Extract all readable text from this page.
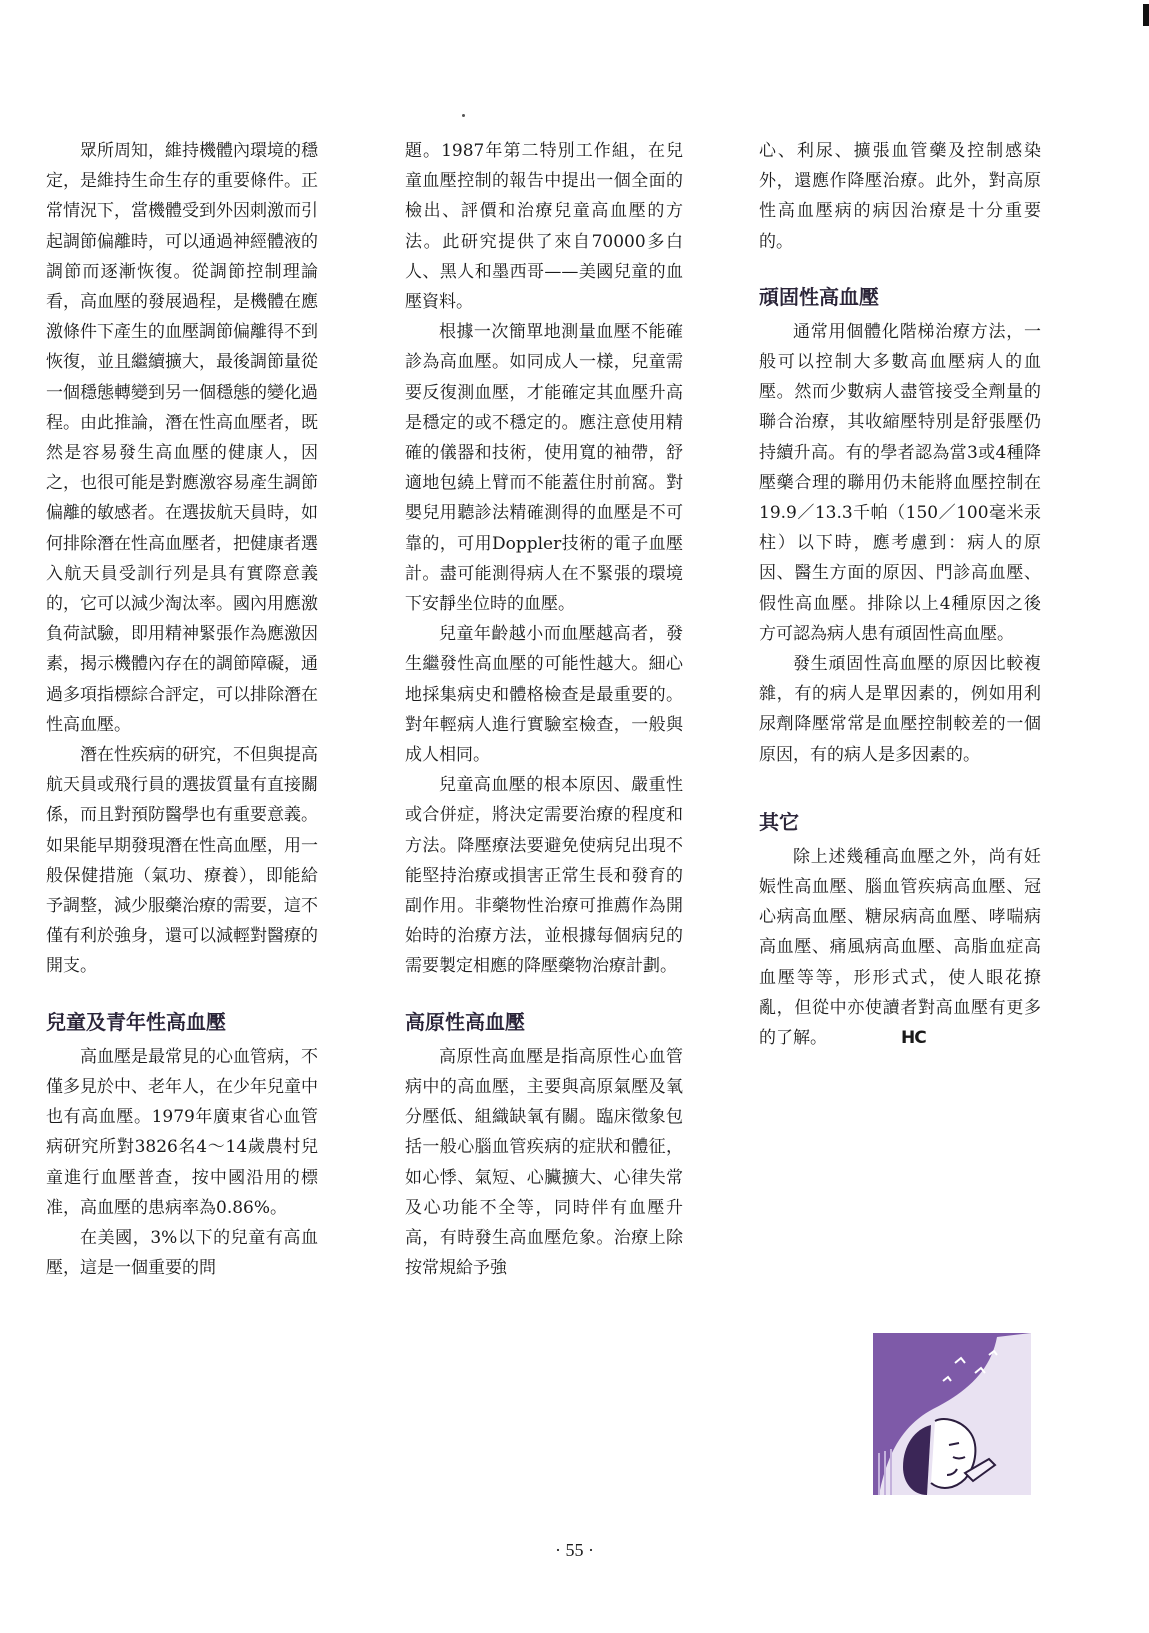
眾所周知，維持機體內環境的穩定，是維持生命生存的重要條件。正常情況下，當機體受到外因刺激而引起調節偏離時，可以通過神經體液的調節而逐漸恢復。從調節控制理論看，高血壓的發展過程，是機體在應激條件下產生的血壓調節偏離得不到恢復，並且繼續擴大，最後調節量從一個穩態轉變到另一個穩態的變化過程。由此推論，潛在性高血壓者，既然是容易發生高血壓的健康人，因之，也很可能是對應激容易產生調節偏離的敏感者。在選拔航天員時，如何排除潛在性高血壓者，把健康者選入航天員受訓行列是具有實際意義的，它可以減少淘汰率。國內用應激負荷試驗，即用精神緊張作為應激因素，揭示機體內存在的調節障礙，通過多項指標綜合評定，可以排除潛在性高血壓。

潛在性疾病的研究，不但與提高航天員或飛行員的選拔質量有直接關係，而且對預防醫學也有重要意義。如果能早期發現潛在性高血壓，用一般保健措施（氣功、療養），即能給予調整，減少服藥治療的需要，這不僅有利於強身，還可以減輕對醫療的開支。

兒童及青年性高血壓

高血壓是最常見的心血管病，不僅多見於中、老年人，在少年兒童中也有高血壓。1979年廣東省心血管病研究所對3826名4～14歲農村兒童進行血壓普查，按中國沿用的標准，高血壓的患病率為0.86%。

在美國，3%以下的兒童有高血壓，這是一個重要的問

題。1987年第二特別工作組，在兒童血壓控制的報告中提出一個全面的檢出、評價和治療兒童高血壓的方法。此研究提供了來自70000多白人、黑人和墨西哥——美國兒童的血壓資料。

根據一次簡單地測量血壓不能確診為高血壓。如同成人一樣，兒童需要反復測血壓，才能確定其血壓升高是穩定的或不穩定的。應注意使用精確的儀器和技術，使用寬的袖帶，舒適地包繞上臂而不能蓋住肘前窩。對嬰兒用聽診法精確測得的血壓是不可靠的，可用Doppler技術的電子血壓計。盡可能測得病人在不緊張的環境下安靜坐位時的血壓。

兒童年齡越小而血壓越高者，發生繼發性高血壓的可能性越大。細心地採集病史和體格檢查是最重要的。對年輕病人進行實驗室檢查，一般與成人相同。

兒童高血壓的根本原因、嚴重性或合併症，將決定需要治療的程度和方法。降壓療法要避免使病兒出現不能堅持治療或損害正常生長和發育的副作用。非藥物性治療可推薦作為開始時的治療方法，並根據每個病兒的需要製定相應的降壓藥物治療計劃。

高原性高血壓

高原性高血壓是指高原性心血管病中的高血壓，主要與高原氣壓及氧分壓低、組織缺氧有關。臨床徵象包括一般心腦血管疾病的症狀和體征，如心悸、氣短、心臟擴大、心律失常及心功能不全等，同時伴有血壓升高，有時發生高血壓危象。治療上除按常規給予強

心、利尿、擴張血管藥及控制感染外，還應作降壓治療。此外，對高原性高血壓病的病因治療是十分重要的。

頑固性高血壓

通常用個體化階梯治療方法，一般可以控制大多數高血壓病人的血壓。然而少數病人盡管接受全劑量的聯合治療，其收縮壓特別是舒張壓仍持續升高。有的學者認為當3或4種降壓藥合理的聯用仍未能將血壓控制在19.9／13.3千帕（150／100毫米汞柱）以下時，應考慮到：病人的原因、醫生方面的原因、門診高血壓、假性高血壓。排除以上4種原因之後方可認為病人患有頑固性高血壓。

發生頑固性高血壓的原因比較複雜，有的病人是單因素的，例如用利尿劑降壓常常是血壓控制較差的一個原因，有的病人是多因素的。

其它

除上述幾種高血壓之外，尚有妊娠性高血壓、腦血管疾病高血壓、冠心病高血壓、糖尿病高血壓、哮喘病高血壓、痛風病高血壓、高脂血症高血壓等等，形形式式，使人眼花撩亂，但從中亦使讀者對高血壓有更多的了解。	HC

· 55 ·
